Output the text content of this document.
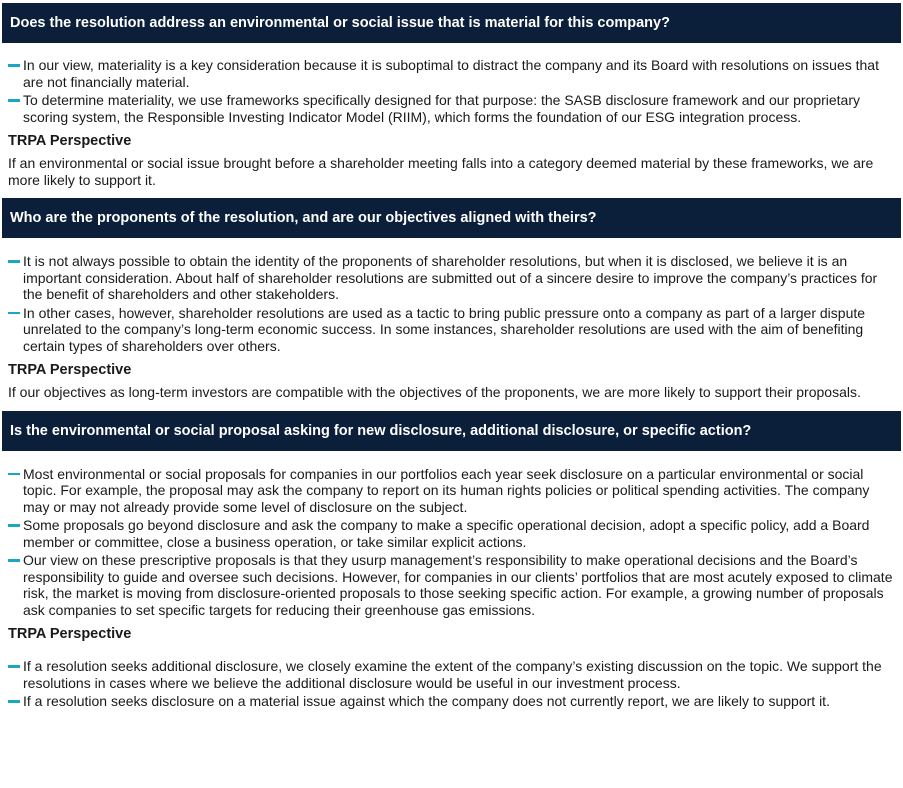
Does the resolution address an environmental or social issue that is material for this company?
In our view, materiality is a key consideration because it is suboptimal to distract the company and its Board with resolutions on issues that are not financially material.
To determine materiality, we use frameworks specifically designed for that purpose: the SASB disclosure framework and our proprietary scoring system, the Responsible Investing Indicator Model (RIIM), which forms the foundation of our ESG integration process.
TRPA Perspective

If an environmental or social issue brought before a shareholder meeting falls into a category deemed material by these frameworks, we are more likely to support it.

Who are the proponents of the resolution, and are our objectives aligned with theirs?
It is not always possible to obtain the identity of the proponents of shareholder resolutions, but when it is disclosed, we believe it is an important consideration. About half of shareholder resolutions are submitted out of a sincere desire to improve the company’s practices for the benefit of shareholders and other stakeholders.
In other cases, however, shareholder resolutions are used as a tactic to bring public pressure onto a company as part of a larger dispute unrelated to the company’s long-term economic success. In some instances, shareholder resolutions are used with the aim of benefiting certain types of shareholders over others.
TRPA Perspective

If our objectives as long-term investors are compatible with the objectives of the proponents, we are more likely to support their proposals.

Is the environmental or social proposal asking for new disclosure, additional disclosure, or specific action?
Most environmental or social proposals for companies in our portfolios each year seek disclosure on a particular environmental or social topic. For example, the proposal may ask the company to report on its human rights policies or political spending activities. The company may or may not already provide some level of disclosure on the subject.
Some proposals go beyond disclosure and ask the company to make a specific operational decision, adopt a specific policy, add a Board member or committee, close a business operation, or take similar explicit actions.
Our view on these prescriptive proposals is that they usurp management’s responsibility to make operational decisions and the Board’s responsibility to guide and oversee such decisions. However, for companies in our clients’ portfolios that are most acutely exposed to climate risk, the market is moving from disclosure-oriented proposals to those seeking specific action. For example, a growing number of proposals ask companies to set specific targets for reducing their greenhouse gas emissions.
TRPA Perspective
If a resolution seeks additional disclosure, we closely examine the extent of the company’s existing discussion on the topic. We support the resolutions in cases where we believe the additional disclosure would be useful in our investment process.
If a resolution seeks disclosure on a material issue against which the company does not currently report, we are likely to support it.
